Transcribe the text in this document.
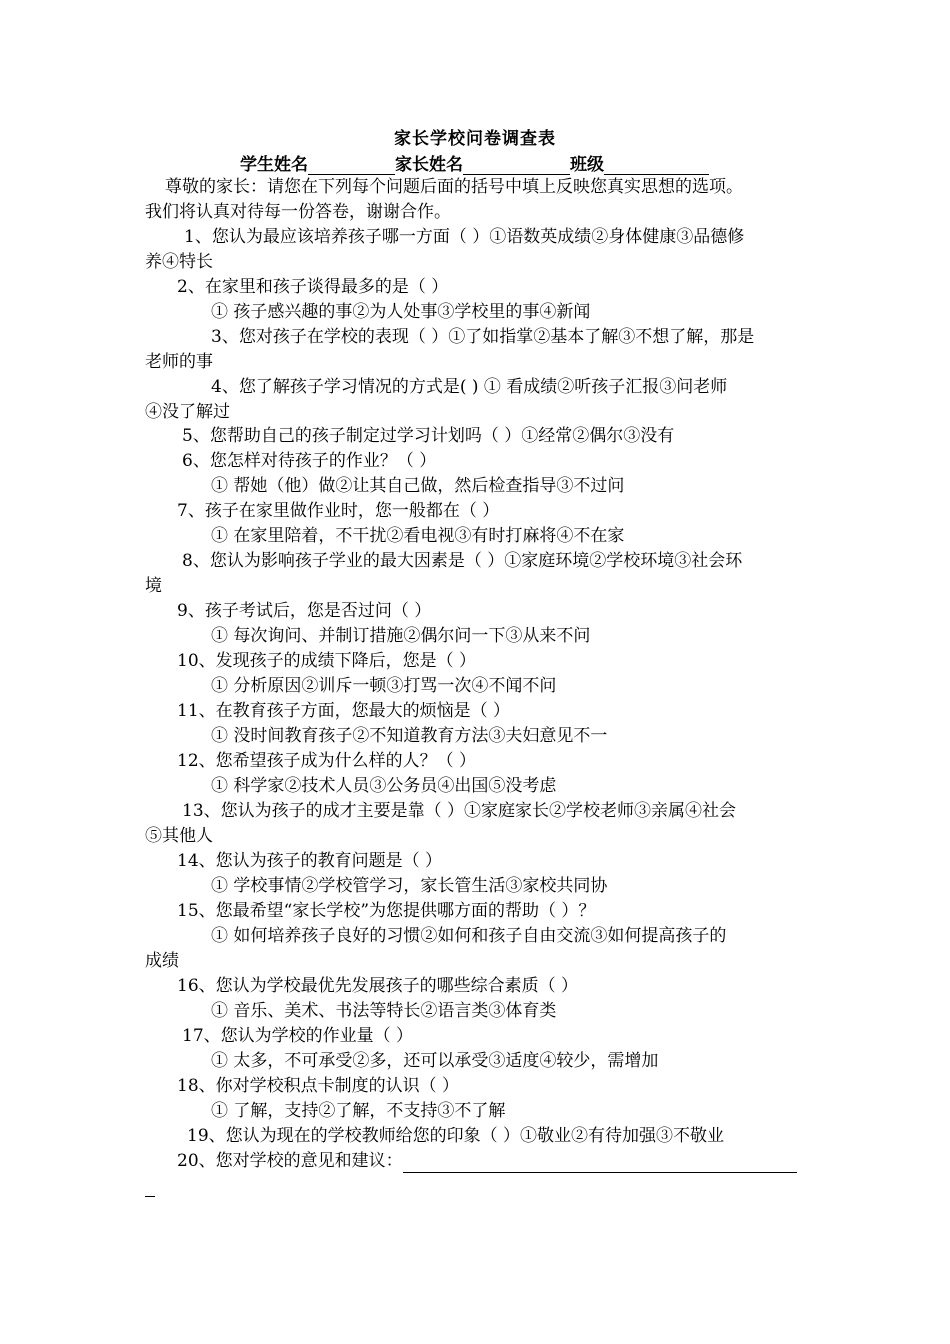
家长学校问卷调查表
学生姓名	家长姓名	班级
尊敬的家长：请您在下列每个问题后面的括号中填上反映您真实思想的选项。
我们将认真对待每一份答卷，谢谢合作。
1、您认为最应该培养孩子哪一方面（ ）①语数英成绩②身体健康③品德修
养④特长
2、在家里和孩子谈得最多的是（ ）
① 孩子感兴趣的事②为人处事③学校里的事④新闻
3、您对孩子在学校的表现（ ）①了如指掌②基本了解③不想了解，那是
老师的事
4、您了解孩子学习情况的方式是( ) ① 看成绩②听孩子汇报③问老师
④没了解过
5、您帮助自己的孩子制定过学习计划吗（ ）①经常②偶尔③没有
6、您怎样对待孩子的作业？（ ）
① 帮她（他）做②让其自己做，然后检查指导③不过问
7、孩子在家里做作业时，您一般都在（ ）
① 在家里陪着，不干扰②看电视③有时打麻将④不在家
8、您认为影响孩子学业的最大因素是（ ）①家庭环境②学校环境③社会环
境
9、孩子考试后，您是否过问（ ）
① 每次询问、并制订措施②偶尔问一下③从来不问
10、发现孩子的成绩下降后，您是（ ）
① 分析原因②训斥一顿③打骂一次④不闻不问
11、在教育孩子方面，您最大的烦恼是（ ）
① 没时间教育孩子②不知道教育方法③夫妇意见不一
12、您希望孩子成为什么样的人？（ ）
① 科学家②技术人员③公务员④出国⑤没考虑
13、您认为孩子的成才主要是靠（ ）①家庭家长②学校老师③亲属④社会
⑤其他人
14、您认为孩子的教育问题是（ ）
① 学校事情②学校管学习，家长管生活③家校共同协
15、您最希望“家长学校”为您提供哪方面的帮助（ ）？
① 如何培养孩子良好的习惯②如何和孩子自由交流③如何提高孩子的
成绩
16、您认为学校最优先发展孩子的哪些综合素质（ ）
① 音乐、美术、书法等特长②语言类③体育类
17、您认为学校的作业量（ ）
① 太多，不可承受②多，还可以承受③适度④较少，需增加
18、你对学校积点卡制度的认识（ ）
① 了解，支持②了解，不支持③不了解
19、您认为现在的学校教师给您的印象（ ）①敬业②有待加强③不敬业
20、您对学校的意见和建议：
